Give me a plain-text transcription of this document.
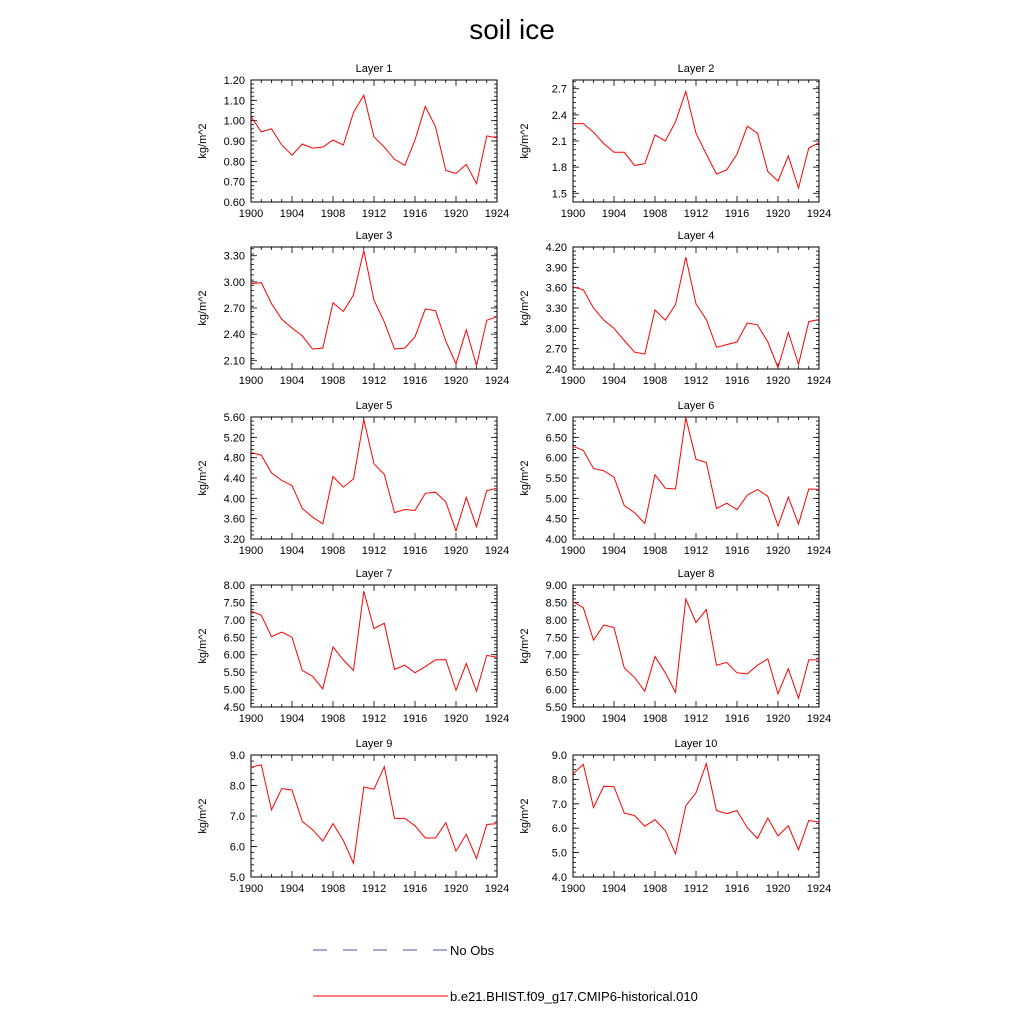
soil ice
Layer 1
kg/m^2
1900 1904 1908 1912 1916 1920 1924
0.60
0.70
0.80
0.90
1.00
1.10
1.20
Layer 2
kg/m^2
1900 1904 1908 1912 1916 1920 1924
1.5
1.8
2.1
2.4
2.7
Layer 3
kg/m^2
1900 1904 1908 1912 1916 1920 1924
2.10
2.40
2.70
3.00
3.30
Layer 4
kg/m^2
1900 1904 1908 1912 1916 1920 1924
2.40
2.70
3.00
3.30
3.60
3.90
4.20
Layer 5
kg/m^2
1900 1904 1908 1912 1916 1920 1924
3.20
3.60
4.00
4.40
4.80
5.20
5.60
Layer 6
kg/m^2
1900 1904 1908 1912 1916 1920 1924
4.00
4.50
5.00
5.50
6.00
6.50
7.00
Layer 7
kg/m^2
1900 1904 1908 1912 1916 1920 1924
4.50
5.00
5.50
6.00
6.50
7.00
7.50
8.00
Layer 8
kg/m^2
1900 1904 1908 1912 1916 1920 1924
5.50
6.00
6.50
7.00
7.50
8.00
8.50
9.00
Layer 9
kg/m^2
1900 1904 1908 1912 1916 1920 1924
5.0
6.0
7.0
8.0
9.0
Layer 10
kg/m^2
1900 1904 1908 1912 1916 1920 1924
4.0
5.0
6.0
7.0
8.0
9.0
No Obs
b.e21.BHIST.f09_g17.CMIP6-historical.010
